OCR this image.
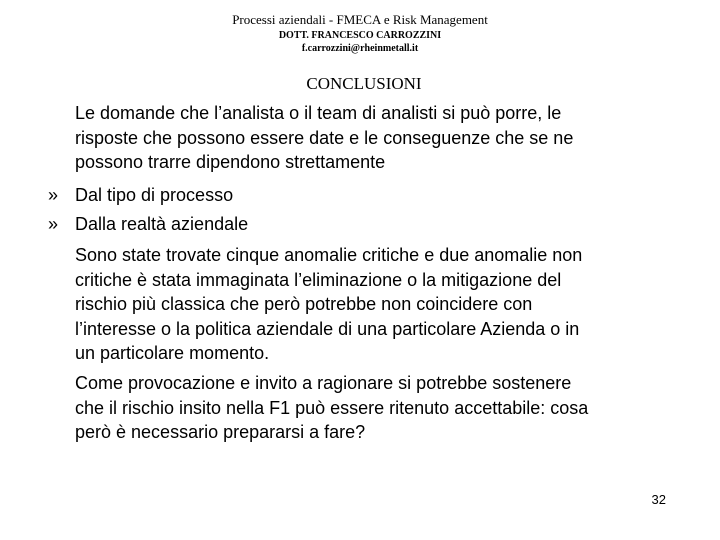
Processi aziendali - FMECA e Risk Management
DOTT. FRANCESCO CARROZZINI
f.carrozzini@rheinmetall.it
CONCLUSIONI
Le domande che l’analista o il team di analisti si può porre, le
risposte che possono essere date e le conseguenze che se ne
possono trarre dipendono strettamente
» Dal tipo di processo
» Dalla realtà aziendale
Sono state trovate cinque anomalie critiche e due anomalie non
critiche è stata immaginata l’eliminazione o la mitigazione del
rischio più classica che però potrebbe non coincidere con
l’interesse o la politica aziendale di una particolare Azienda o in
un particolare momento.
Come provocazione e invito a ragionare si potrebbe sostenere
che il rischio insito nella F1 può essere ritenuto accettabile: cosa
però è necessario prepararsi a fare?
32
